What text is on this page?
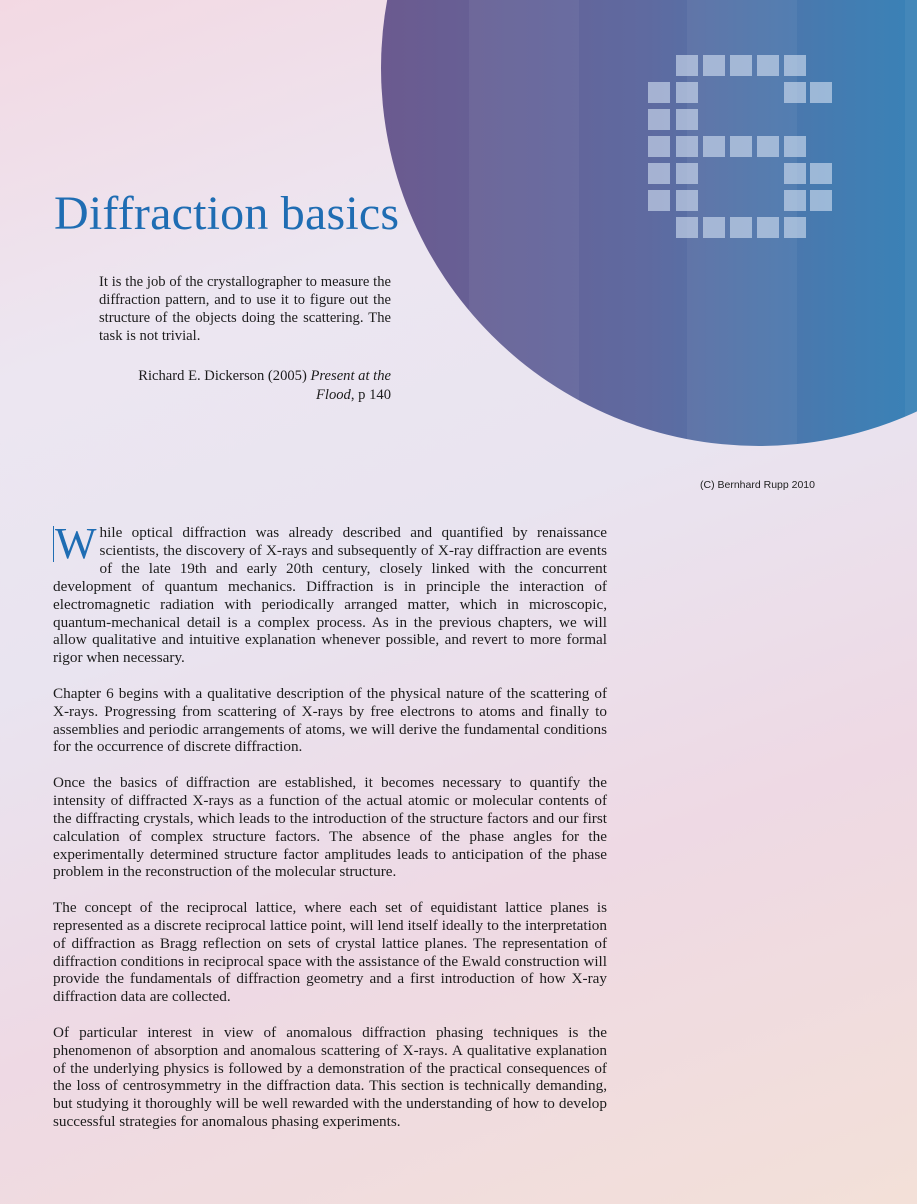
6
Diffraction basics

It is the job of the crystallographer to measure the diffraction pattern, and to use it to figure out the structure of the objects doing the scattering. The task is not trivial.

Richard E. Dickerson (2005) Present at the Flood, p 140
(C) Bernhard Rupp 2010

W hile optical diffraction was already described and quantified by renaissance scientists, the discovery of X-rays and subsequently of X-ray diffraction are events of the late 19th and early 20th century, closely linked with the concurrent development of quantum mechanics. Diffraction is in principle the interaction of electromagnetic radiation with periodically arranged matter, which in microscopic, quantum-mechanical detail is a complex process. As in the previous chapters, we will allow qualitative and intuitive explanation whenever possible, and revert to more formal rigor when necessary.

Chapter 6 begins with a qualitative description of the physical nature of the scattering of X-rays. Progressing from scattering of X-rays by free electrons to atoms and finally to assemblies and periodic arrangements of atoms, we will derive the fundamental conditions for the occurrence of discrete diffraction.

Once the basics of diffraction are established, it becomes necessary to quantify the intensity of diffracted X-rays as a function of the actual atomic or molecular contents of the diffracting crystals, which leads to the introduction of the structure factors and our first calculation of complex structure factors. The absence of the phase angles for the experimentally determined structure factor amplitudes leads to anticipation of the phase problem in the reconstruction of the molecular structure.

The concept of the reciprocal lattice, where each set of equidistant lattice planes is represented as a discrete reciprocal lattice point, will lend itself ideally to the interpretation of diffraction as Bragg reflection on sets of crystal lattice planes. The representation of diffraction conditions in reciprocal space with the assistance of the Ewald construction will provide the fundamentals of diffraction geometry and a first introduction of how X-ray diffraction data are collected.

Of particular interest in view of anomalous diffraction phasing techniques is the phenomenon of absorption and anomalous scattering of X-rays. A qualitative explanation of the underlying physics is followed by a demonstration of the practical consequences of the loss of centrosymmetry in the diffraction data. This section is technically demanding, but studying it thoroughly will be well rewarded with the understanding of how to develop successful strategies for anomalous phasing experiments.
